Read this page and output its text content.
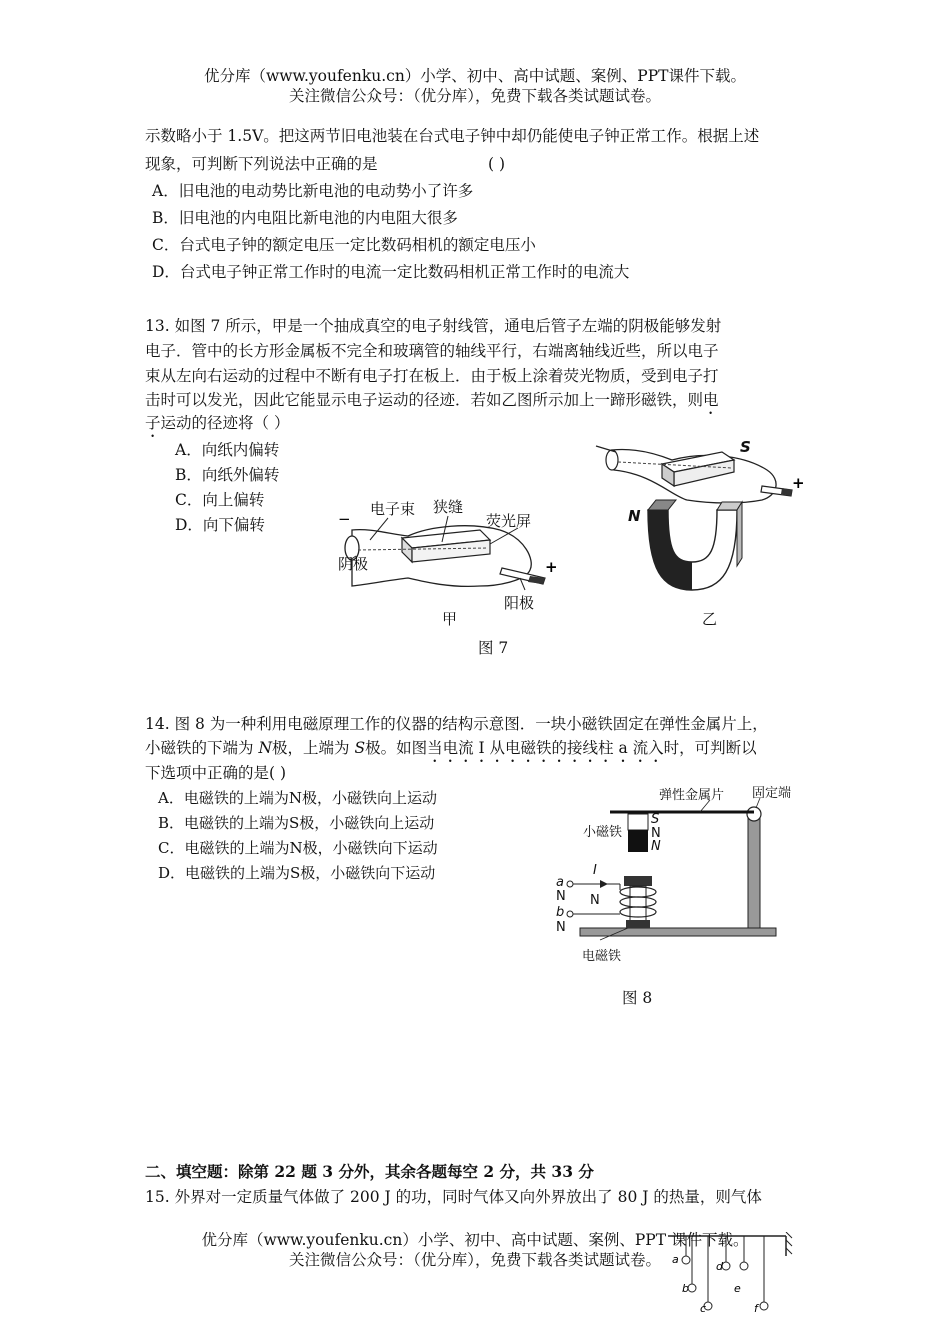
优分库（www.youfenku.cn）小学、初中、高中试题、案例、PPT课件下载。
关注微信公众号：（优分库），免费下载各类试题试卷。
示数略小于 1.5V。把这两节旧电池装在台式电子钟中却仍能使电子钟正常工作。根据上述
现象，可判断下列说法中正确的是	( )
A．旧电池的电动势比新电池的电动势小了许多
B．旧电池的内电阻比新电池的内电阻大很多
C．台式电子钟的额定电压一定比数码相机的额定电压小
D．台式电子钟正常工作时的电流一定比数码相机正常工作时的电流大
13. 如图 7 所示，甲是一个抽成真空的电子射线管，通电后管子左端的阴极能够发射
电子．管中的长方形金属板不完全和玻璃管的轴线平行，右端离轴线近些，所以电子
束从左向右运动的过程中不断有电子打在板上．由于板上涂着荧光物质，受到电子打
击时可以发光，因此它能显示电子运动的径迹．若如乙图所示加上一蹄形磁铁，则电
子运动的径迹将（ ）
A．向纸内偏转
B．向纸外偏转
C．向上偏转
D．向下偏转	−
+
电子束 狭缝
荧光屏
阴极
阳极
甲
+
S
N
乙
图 7
14. 图 8 为一种利用电磁原理工作的仪器的结构示意图．一块小磁铁固定在弹性金属片上，
小磁铁的下端为 N极，上端为 S极。如图当电流 I 从电磁铁的接线柱 a 流入时，可判断以
下选项中正确的是( )
A．电磁铁的上端为N极，小磁铁向上运动
B．电磁铁的上端为S极，小磁铁向上运动
C．电磁铁的上端为N极，小磁铁向下运动
D．电磁铁的上端为S极，小磁铁向下运动
弹性金属片 固定端
小磁铁
S
N
N
I
a
N N
b
N
电磁铁
图 8
二、填空题：除第 22 题 3 分外，其余各题每空 2 分，共 33 分
15. 外界对一定质量气体做了 200 J 的功，同时气体又向外界放出了 80 J 的热量，则气体
a
b
c
d
e
f
优分库（www.youfenku.cn）小学、初中、高中试题、案例、PPT 课件下载。
关注微信公众号：（优分库），免费下载各类试题试卷。
